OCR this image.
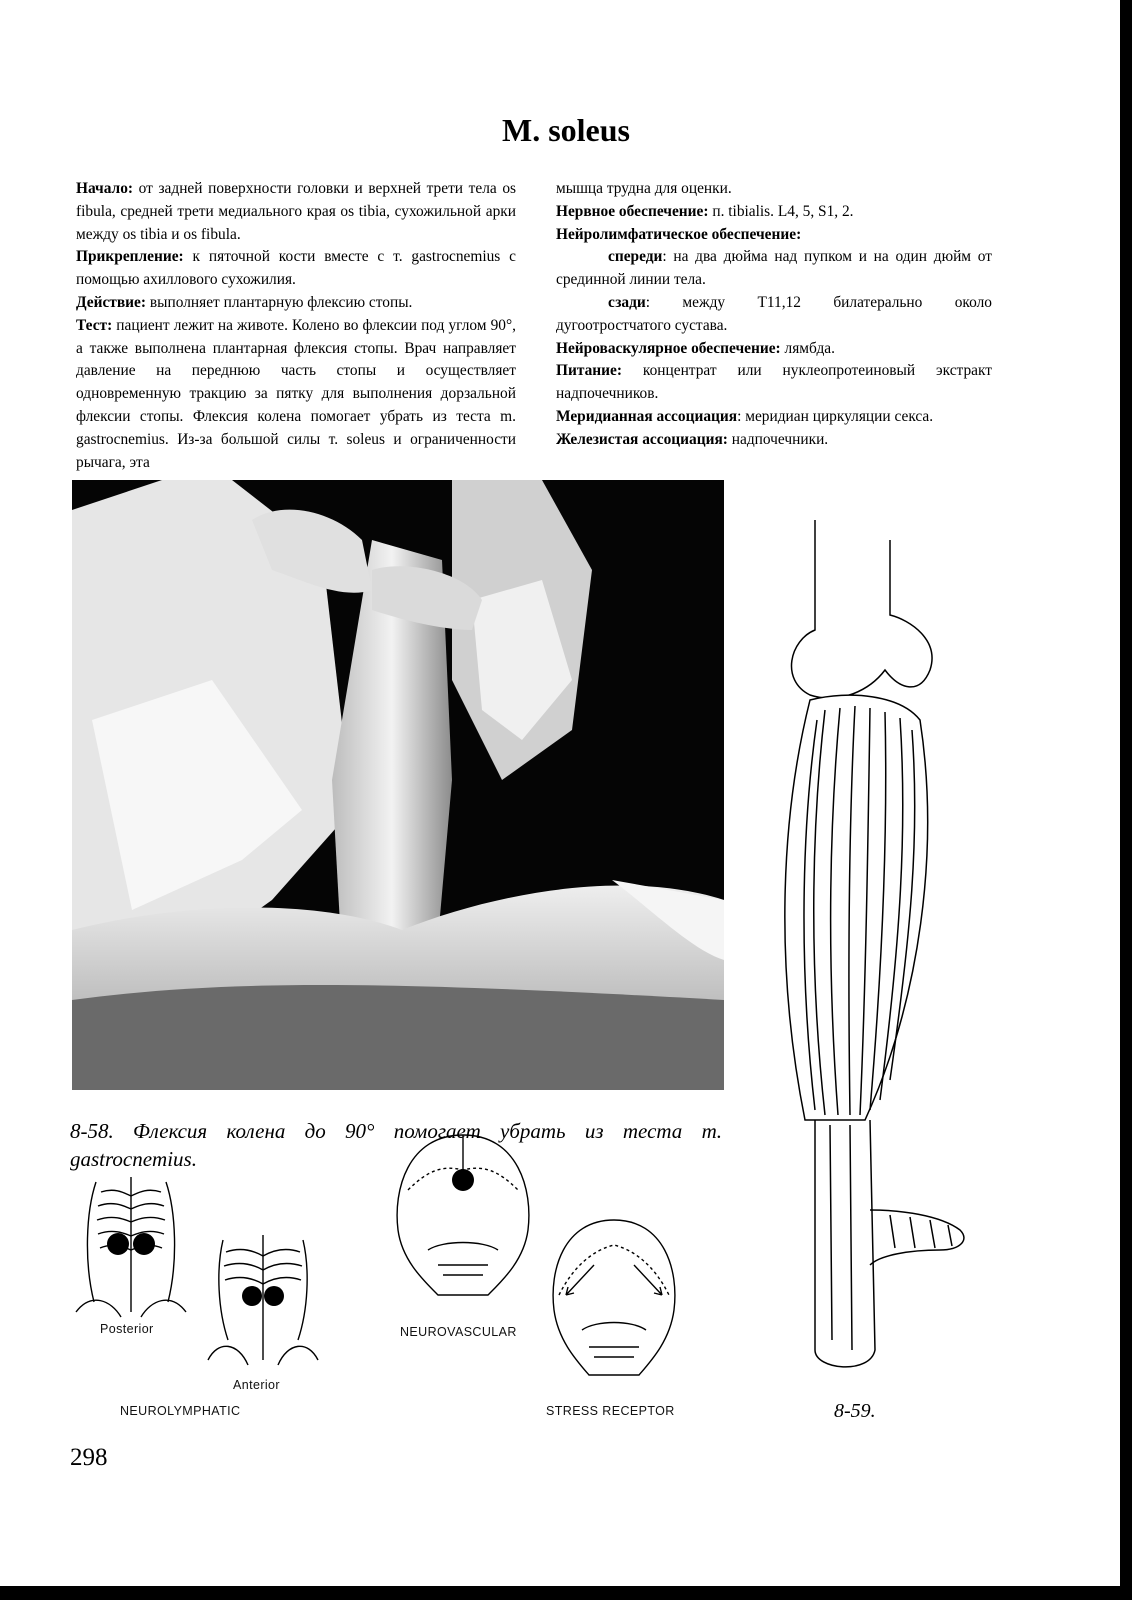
M. soleus

Начало: от задней поверхности головки и верхней трети тела os fibula, средней трети медиального края os tibia, сухожильной арки между os tibia и os fibula.

Прикрепление: к пяточной кости вместе с т. gastrocnemius с помощью ахиллового сухожилия.

Действие: выполняет плантарную флексию стопы.

Тест: пациент лежит на животе. Колено во флексии под углом 90°, а также выполнена плантарная флексия стопы. Врач направляет давление на переднюю часть стопы и осуществляет одновременную тракцию за пятку для выполнения дорзальной флексии стопы. Флексия колена помогает убрать из теста m. gastrocnemius. Из-за большой силы т. soleus и ограниченности рычага, эта

мышца трудна для оценки.

Нервное обеспечение: п. tibialis. L4, 5, S1, 2.

Нейролимфатическое обеспечение:

спереди: на два дюйма над пупком и на один дюйм от срединной линии тела.

сзади: между T11,12 билатерально около дугоотростчатого сустава.

Нейроваскулярное обеспечение: лямбда.

Питание: концентрат или нуклеопротеиновый экстракт надпочечников.

Меридианная ассоциация: меридиан циркуляции секса.

Железистая ассоциация: надпочечники.

8-58. Флексия колена до 90° помогает убрать из теста m. gastrocnemius.

Posterior
Anterior
NEUROLYMPHATIC
NEUROVASCULAR
STRESS RECEPTOR	8-59.
298
